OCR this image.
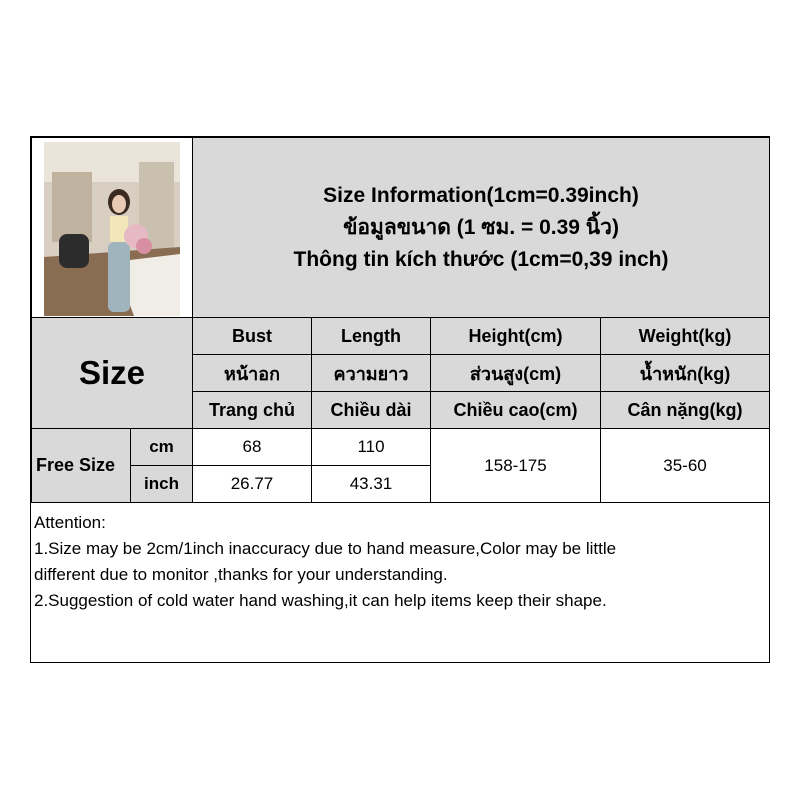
Size Information(1cm=0.39inch)
ข้อมูลขนาด (1 ซม. = 0.39 นิ้ว)
Thông tin kích thước (1cm=0,39 inch)			

Size		Bust	Length	Height(cm)	Weight(kg)
		หน้าอก	ความยาว	ส่วนสูง(cm)	น้ำหนัก(kg)
		Trang chủ	Chiều dài	Chiều cao(cm)	Cân nặng(kg)
Free Size	cm	68	110	158-175	35-60
	inch	26.77	43.31		
Attention:
1.Size may be 2cm/1inch inaccuracy due to hand measure,Color may be little
different due to monitor ,thanks for your understanding.
2.Suggestion of cold water hand washing,it can help items keep their shape.
